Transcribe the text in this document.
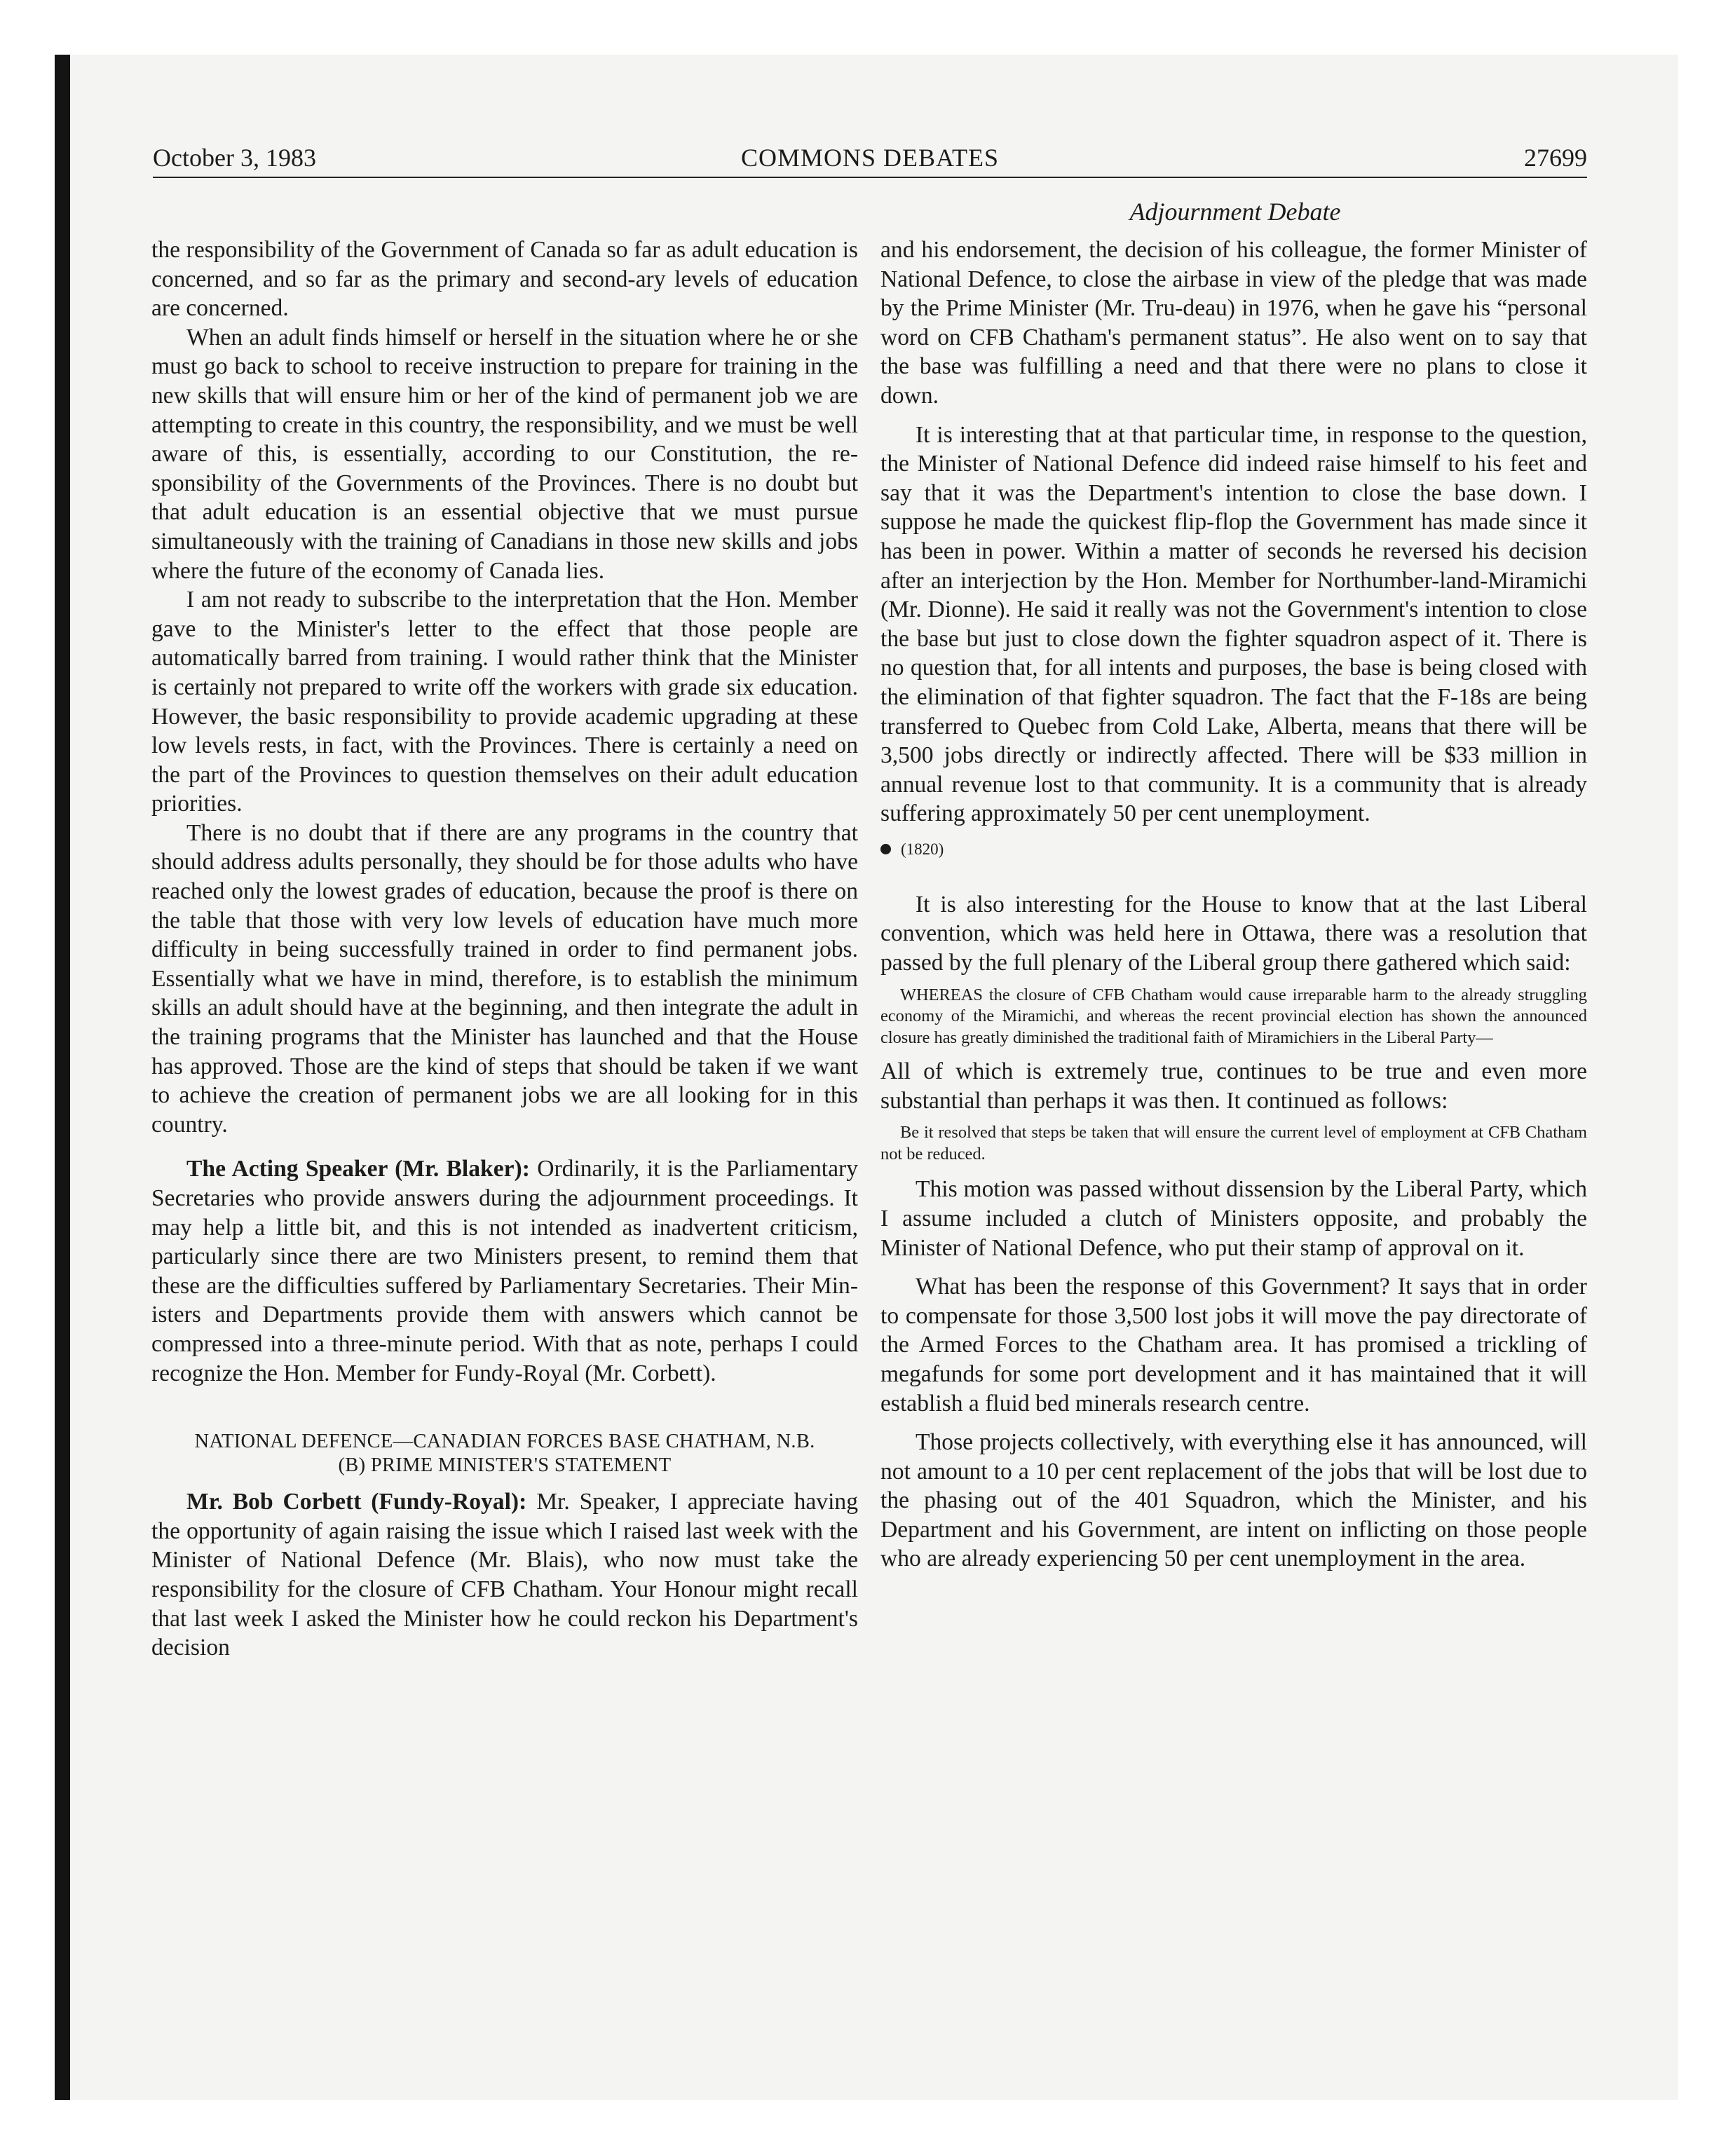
October 3, 1983	COMMONS DEBATES	27699
Adjournment Debate

the responsibility of the Government of Canada so far as adult education is concerned, and so far as the primary and second-ary levels of education are concerned.

When an adult finds himself or herself in the situation where he or she must go back to school to receive instruction to prepare for training in the new skills that will ensure him or her of the kind of permanent job we are attempting to create in this country, the responsibility, and we must be well aware of this, is essentially, according to our Constitution, the re-sponsibility of the Governments of the Provinces. There is no doubt but that adult education is an essential objective that we must pursue simultaneously with the training of Canadians in those new skills and jobs where the future of the economy of Canada lies.

I am not ready to subscribe to the interpretation that the Hon. Member gave to the Minister's letter to the effect that those people are automatically barred from training. I would rather think that the Minister is certainly not prepared to write off the workers with grade six education. However, the basic responsibility to provide academic upgrading at these low levels rests, in fact, with the Provinces. There is certainly a need on the part of the Provinces to question themselves on their adult education priorities.

There is no doubt that if there are any programs in the country that should address adults personally, they should be for those adults who have reached only the lowest grades of education, because the proof is there on the table that those with very low levels of education have much more difficulty in being successfully trained in order to find permanent jobs. Essentially what we have in mind, therefore, is to establish the minimum skills an adult should have at the beginning, and then integrate the adult in the training programs that the Minister has launched and that the House has approved. Those are the kind of steps that should be taken if we want to achieve the creation of permanent jobs we are all looking for in this country.

The Acting Speaker (Mr. Blaker): Ordinarily, it is the Parliamentary Secretaries who provide answers during the adjournment proceedings. It may help a little bit, and this is not intended as inadvertent criticism, particularly since there are two Ministers present, to remind them that these are the difficulties suffered by Parliamentary Secretaries. Their Min-isters and Departments provide them with answers which cannot be compressed into a three-minute period. With that as note, perhaps I could recognize the Hon. Member for Fundy-Royal (Mr. Corbett).

NATIONAL DEFENCE—CANADIAN FORCES BASE CHATHAM, N.B.
(B) PRIME MINISTER'S STATEMENT

Mr. Bob Corbett (Fundy-Royal): Mr. Speaker, I appreciate having the opportunity of again raising the issue which I raised last week with the Minister of National Defence (Mr. Blais), who now must take the responsibility for the closure of CFB Chatham. Your Honour might recall that last week I asked the Minister how he could reckon his Department's decision

and his endorsement, the decision of his colleague, the former Minister of National Defence, to close the airbase in view of the pledge that was made by the Prime Minister (Mr. Tru-deau) in 1976, when he gave his “personal word on CFB Chatham's permanent status”. He also went on to say that the base was fulfilling a need and that there were no plans to close it down.

It is interesting that at that particular time, in response to the question, the Minister of National Defence did indeed raise himself to his feet and say that it was the Department's intention to close the base down. I suppose he made the quickest flip-flop the Government has made since it has been in power. Within a matter of seconds he reversed his decision after an interjection by the Hon. Member for Northumber-land-Miramichi (Mr. Dionne). He said it really was not the Government's intention to close the base but just to close down the fighter squadron aspect of it. There is no question that, for all intents and purposes, the base is being closed with the elimination of that fighter squadron. The fact that the F-18s are being transferred to Quebec from Cold Lake, Alberta, means that there will be 3,500 jobs directly or indirectly affected. There will be $33 million in annual revenue lost to that community. It is a community that is already suffering approximately 50 per cent unemployment.

(1820)

It is also interesting for the House to know that at the last Liberal convention, which was held here in Ottawa, there was a resolution that passed by the full plenary of the Liberal group there gathered which said:

WHEREAS the closure of CFB Chatham would cause irreparable harm to the already struggling economy of the Miramichi, and whereas the recent provincial election has shown the announced closure has greatly diminished the traditional faith of Miramichiers in the Liberal Party—

All of which is extremely true, continues to be true and even more substantial than perhaps it was then. It continued as follows:

Be it resolved that steps be taken that will ensure the current level of employment at CFB Chatham not be reduced.

This motion was passed without dissension by the Liberal Party, which I assume included a clutch of Ministers opposite, and probably the Minister of National Defence, who put their stamp of approval on it.

What has been the response of this Government? It says that in order to compensate for those 3,500 lost jobs it will move the pay directorate of the Armed Forces to the Chatham area. It has promised a trickling of megafunds for some port development and it has maintained that it will establish a fluid bed minerals research centre.

Those projects collectively, with everything else it has announced, will not amount to a 10 per cent replacement of the jobs that will be lost due to the phasing out of the 401 Squadron, which the Minister, and his Department and his Government, are intent on inflicting on those people who are already experiencing 50 per cent unemployment in the area.
